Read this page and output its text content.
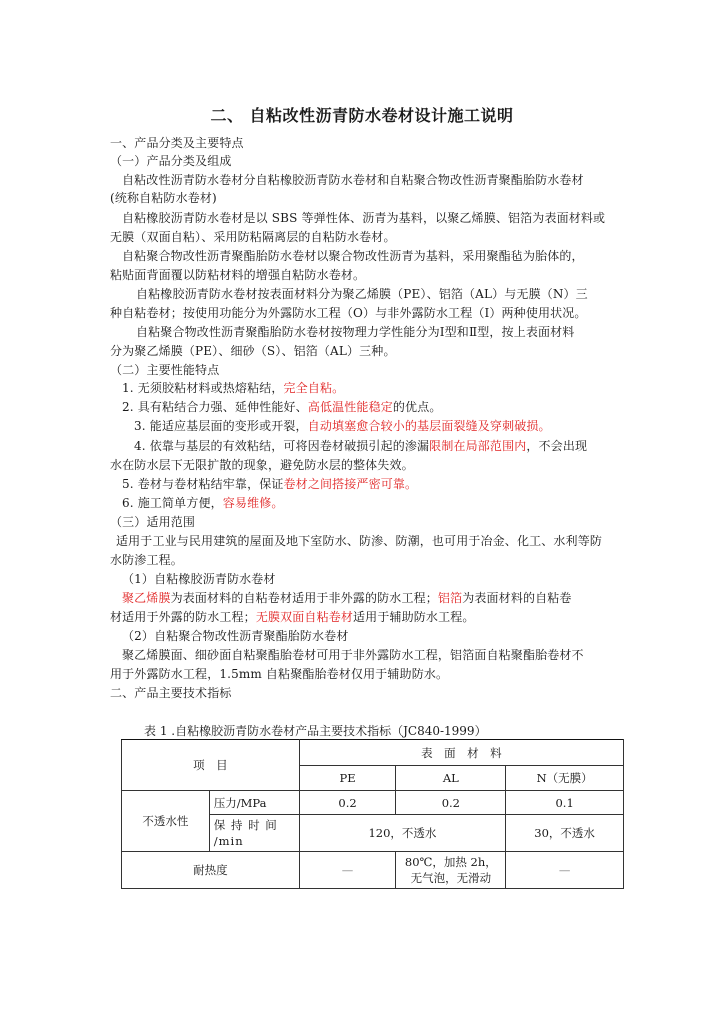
二、 自粘改性沥青防水卷材设计施工说明
一、产品分类及主要特点
（一）产品分类及组成
自粘改性沥青防水卷材分自粘橡胶沥青防水卷材和自粘聚合物改性沥青聚酯胎防水卷材
(统称自粘防水卷材)
自粘橡胶沥青防水卷材是以 SBS 等弹性体、沥青为基料，以聚乙烯膜、铝箔为表面材料或
无膜（双面自粘）、采用防粘隔离层的自粘防水卷材。
自粘聚合物改性沥青聚酯胎防水卷材以聚合物改性沥青为基料，采用聚酯毡为胎体的，
粘贴面背面覆以防粘材料的增强自粘防水卷材。
自粘橡胶沥青防水卷材按表面材料分为聚乙烯膜（PE）、铝箔（AL）与无膜（N）三
种自粘卷材；按使用功能分为外露防水工程（O）与非外露防水工程（I）两种使用状况。
自粘聚合物改性沥青聚酯胎防水卷材按物理力学性能分为Ⅰ型和Ⅱ型，按上表面材料
分为聚乙烯膜（PE）、细砂（S）、铝箔（AL）三种。
（二）主要性能特点
1. 无须胶粘材料或热熔粘结，完全自粘。
2. 具有粘结合力强、延伸性能好、高低温性能稳定的优点。
3. 能适应基层面的变形或开裂，自动填塞愈合较小的基层面裂缝及穿刺破损。
4. 依靠与基层的有效粘结，可将因卷材破损引起的渗漏限制在局部范围内，不会出现
水在防水层下无限扩散的现象，避免防水层的整体失效。
5. 卷材与卷材粘结牢靠，保证卷材之间搭接严密可靠。
6. 施工简单方便，容易维修。
（三）适用范围
适用于工业与民用建筑的屋面及地下室防水、防渗、防潮，也可用于冶金、化工、水利等防
水防渗工程。
（1）自粘橡胶沥青防水卷材
聚乙烯膜为表面材料的自粘卷材适用于非外露的防水工程；铝箔为表面材料的自粘卷
材适用于外露的防水工程；无膜双面自粘卷材适用于辅助防水工程。
（2）自粘聚合物改性沥青聚酯胎防水卷材
聚乙烯膜面、细砂面自粘聚酯胎卷材可用于非外露防水工程，铝箔面自粘聚酯胎卷材不
用于外露防水工程，1.5mm 自粘聚酯胎卷材仅用于辅助防水。
二、产品主要技术指标
表 1 .自粘橡胶沥青防水卷材产品主要技术指标（JC840-1999）
项　目		表　面　材　料		
		PE	AL	N（无膜）
不透水性	压力/MPa	0.2	0.2	0.1
	保 持 时 间 /min	120，不透水		30，不透水
耐热度		—	80℃，加热 2h，
无气泡，无滑动	—
